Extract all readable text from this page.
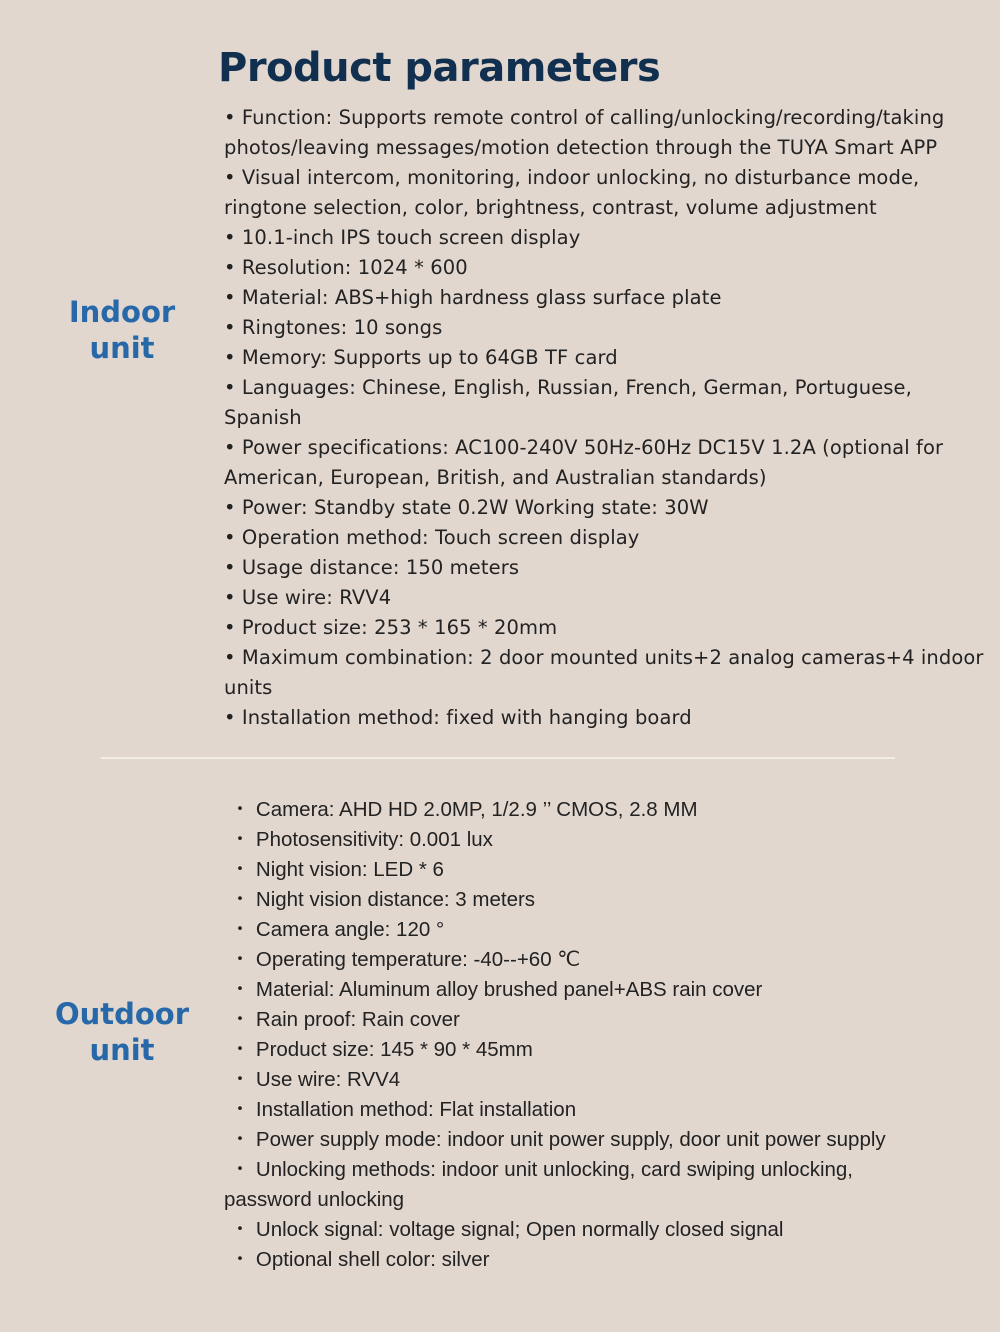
Product parameters
Indoor
unit
• Function: Supports remote control of calling/unlocking/recording/taking
photos/leaving messages/motion detection through the TUYA Smart APP
• Visual intercom, monitoring, indoor unlocking, no disturbance mode,
ringtone selection, color, brightness, contrast, volume adjustment
• 10.1-inch IPS touch screen display
• Resolution: 1024 * 600
• Material: ABS+high hardness glass surface plate
• Ringtones: 10 songs
• Memory: Supports up to 64GB TF card
• Languages: Chinese, English, Russian, French, German, Portuguese,
Spanish
• Power specifications: AC100-240V 50Hz-60Hz DC15V 1.2A (optional for
American, European, British, and Australian standards)
• Power: Standby state 0.2W Working state: 30W
• Operation method: Touch screen display
• Usage distance: 150 meters
• Use wire: RVV4
• Product size: 253 * 165 * 20mm
• Maximum combination: 2 door mounted units+2 analog cameras+4 indoor
units
• Installation method: fixed with hanging board
Outdoor
unit
・ Camera: AHD HD 2.0MP, 1/2.9 ’’ CMOS, 2.8 MM
・ Photosensitivity: 0.001 lux
・ Night vision: LED * 6
・ Night vision distance: 3 meters
・ Camera angle: 120 °
・ Operating temperature: -40--+60 ℃
・ Material: Aluminum alloy brushed panel+ABS rain cover
・ Rain proof: Rain cover
・ Product size: 145 * 90 * 45mm
・ Use wire: RVV4
・ Installation method: Flat installation
・ Power supply mode: indoor unit power supply, door unit power supply
・ Unlocking methods: indoor unit unlocking, card swiping unlocking,
password unlocking
・ Unlock signal: voltage signal; Open normally closed signal
・ Optional shell color: silver
